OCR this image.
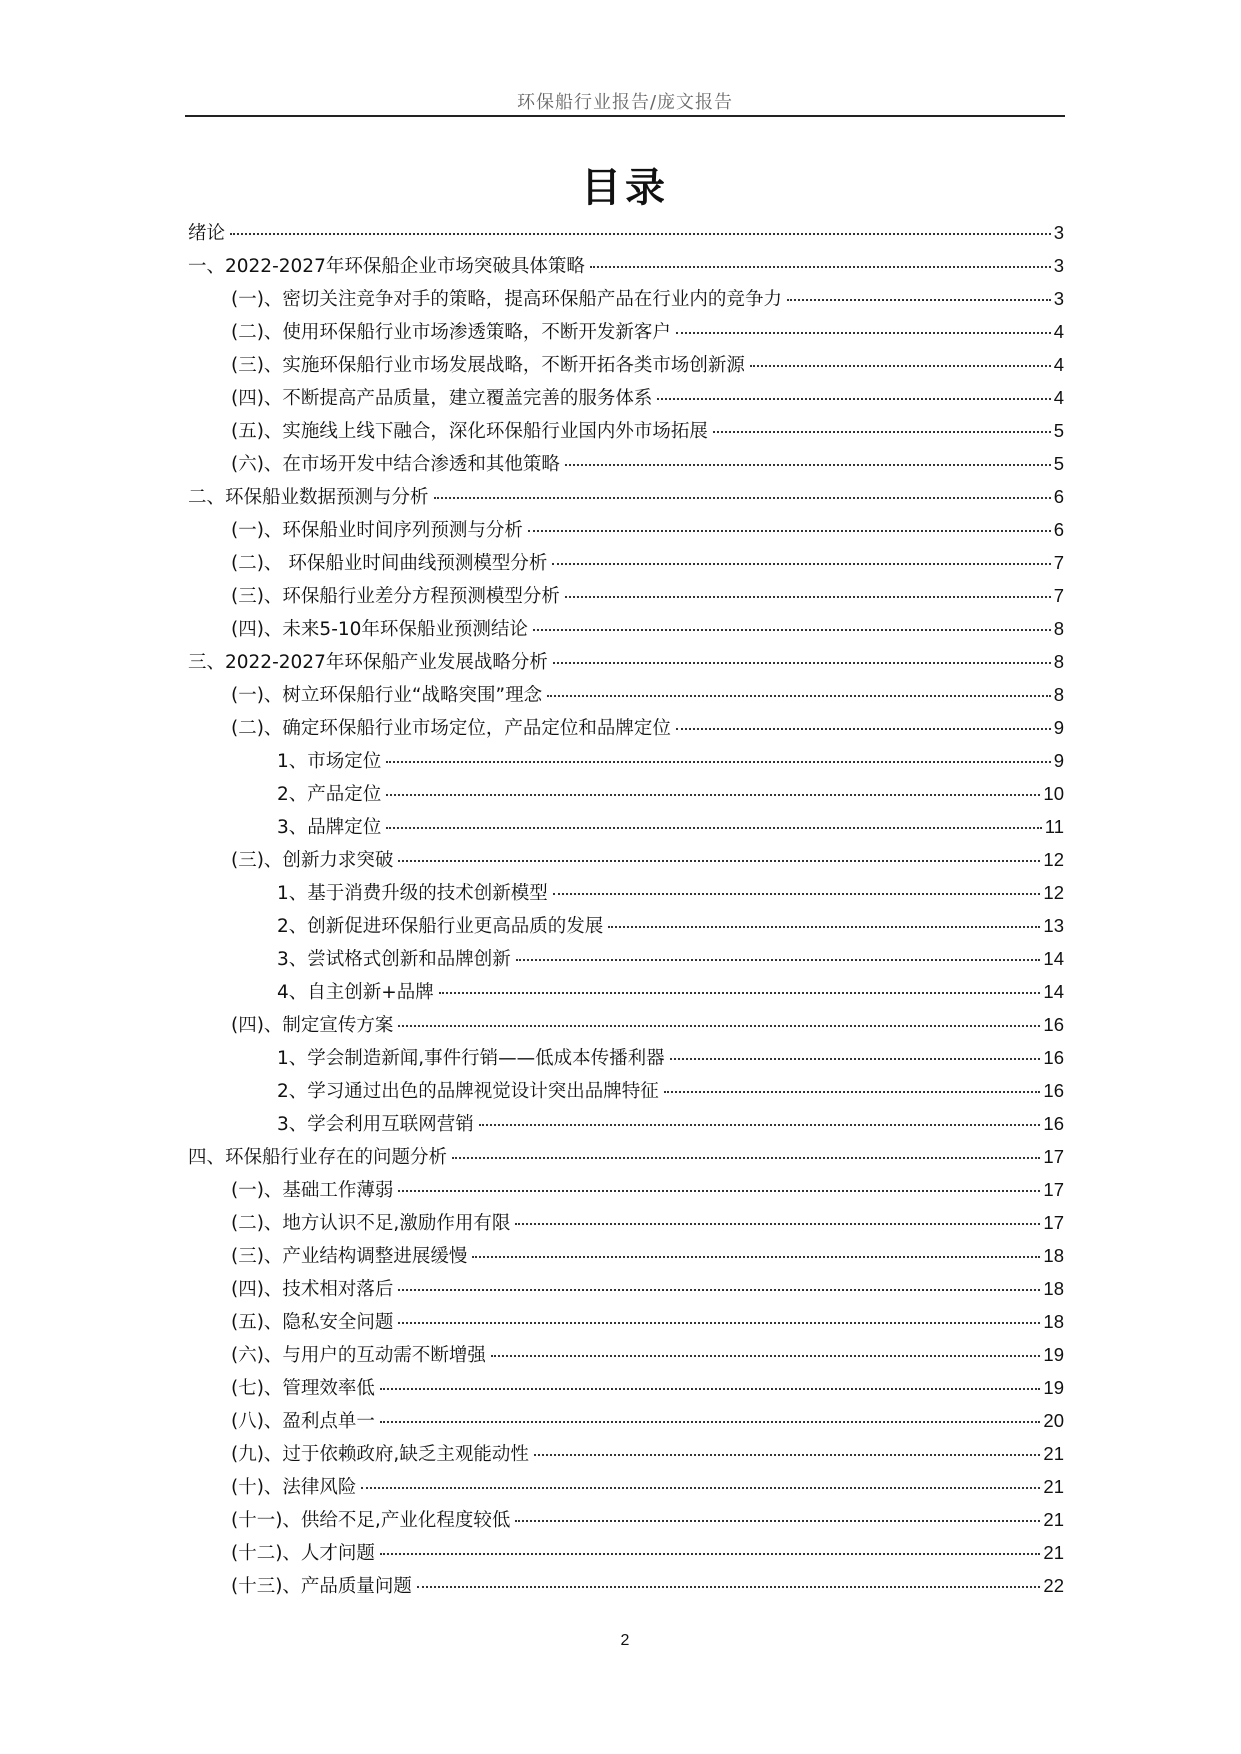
环保船行业报告/庞文报告
目录
绪论	3
一、2022-2027年环保船企业市场突破具体策略	3
(一)、密切关注竞争对手的策略，提高环保船产品在行业内的竞争力	3
(二)、使用环保船行业市场渗透策略，不断开发新客户	4
(三)、实施环保船行业市场发展战略，不断开拓各类市场创新源	4
(四)、不断提高产品质量，建立覆盖完善的服务体系	4
(五)、实施线上线下融合，深化环保船行业国内外市场拓展	5
(六)、在市场开发中结合渗透和其他策略	5
二、环保船业数据预测与分析	6
(一)、环保船业时间序列预测与分析	6
(二)、 环保船业时间曲线预测模型分析	7
(三)、环保船行业差分方程预测模型分析	7
(四)、未来5-10年环保船业预测结论	8
三、2022-2027年环保船产业发展战略分析	8
(一)、树立环保船行业“战略突围”理念	8
(二)、确定环保船行业市场定位，产品定位和品牌定位	9
1、市场定位	9
2、产品定位	10
3、品牌定位	11
(三)、创新力求突破	12
1、基于消费升级的技术创新模型	12
2、创新促进环保船行业更高品质的发展	13
3、尝试格式创新和品牌创新	14
4、自主创新+品牌	14
(四)、制定宣传方案	16
1、学会制造新闻,事件行销——低成本传播利器	16
2、学习通过出色的品牌视觉设计突出品牌特征	16
3、学会利用互联网营销	16
四、环保船行业存在的问题分析	17
(一)、基础工作薄弱	17
(二)、地方认识不足,激励作用有限	17
(三)、产业结构调整进展缓慢	18
(四)、技术相对落后	18
(五)、隐私安全问题	18
(六)、与用户的互动需不断增强	19
(七)、管理效率低	19
(八)、盈利点单一	20
(九)、过于依赖政府,缺乏主观能动性	21
(十)、法律风险	21
(十一)、供给不足,产业化程度较低	21
(十二)、人才问题	21
(十三)、产品质量问题	22
2
